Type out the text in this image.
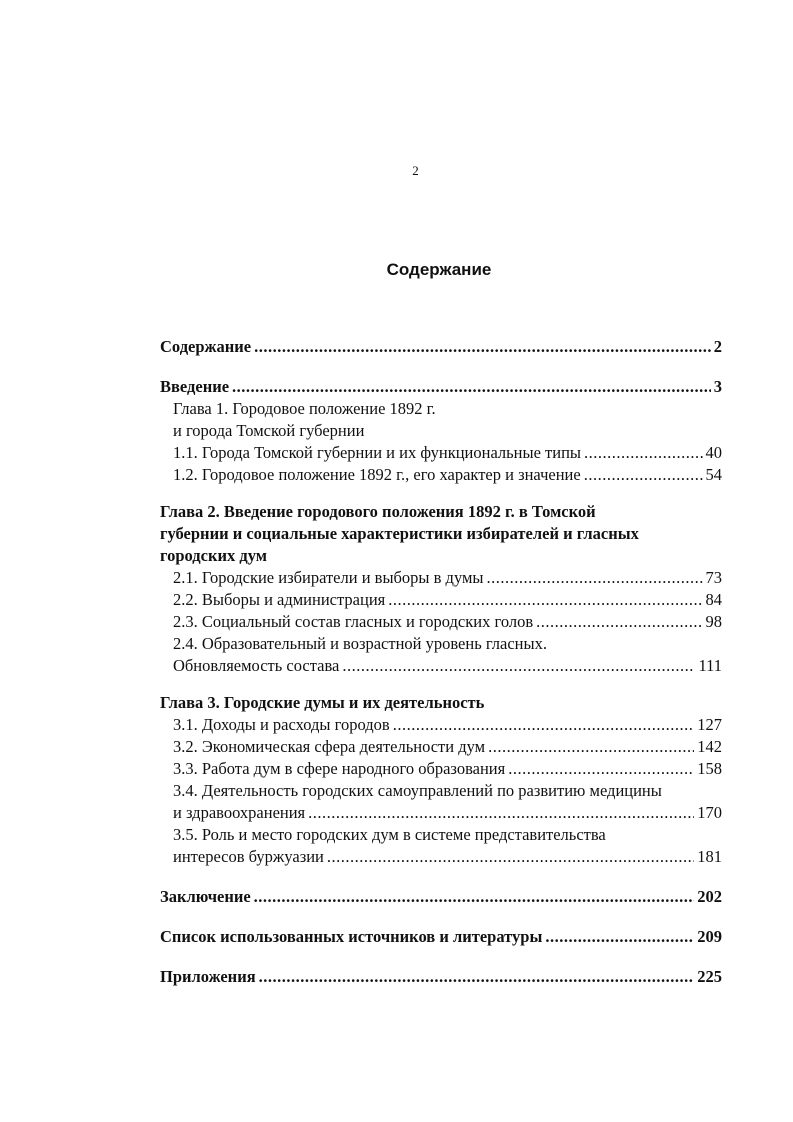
2
Содержание
Содержание .....	2
Введение .....	3
Глава 1. Городовое положение 1892 г.
и города Томской губернии
1.1. Города Томской губернии и их функциональные типы .....	40
1.2. Городовое положение 1892 г., его характер и значение .....	54
Глава 2. Введение городового положения 1892 г. в Томской
губернии и социальные характеристики избирателей и гласных
городских дум
2.1. Городские избиратели и выборы в думы .....	73
2.2. Выборы и администрация .....	84
2.3. Социальный состав гласных и городских голов .....	98
2.4. Образовательный и возрастной уровень гласных.
Обновляемость состава .....	111
Глава 3. Городские думы и их деятельность
3.1. Доходы и расходы городов .....	127
3.2. Экономическая сфера деятельности дум .....	142
3.3. Работа дум в сфере народного образования .....	158
3.4. Деятельность городских самоуправлений по развитию медицины
и здравоохранения .....	170
3.5. Роль и место городских дум в системе представительства
интересов буржуазии .....	181
Заключение .....	202
Список использованных источников и литературы .....	209
Приложения .....	225
